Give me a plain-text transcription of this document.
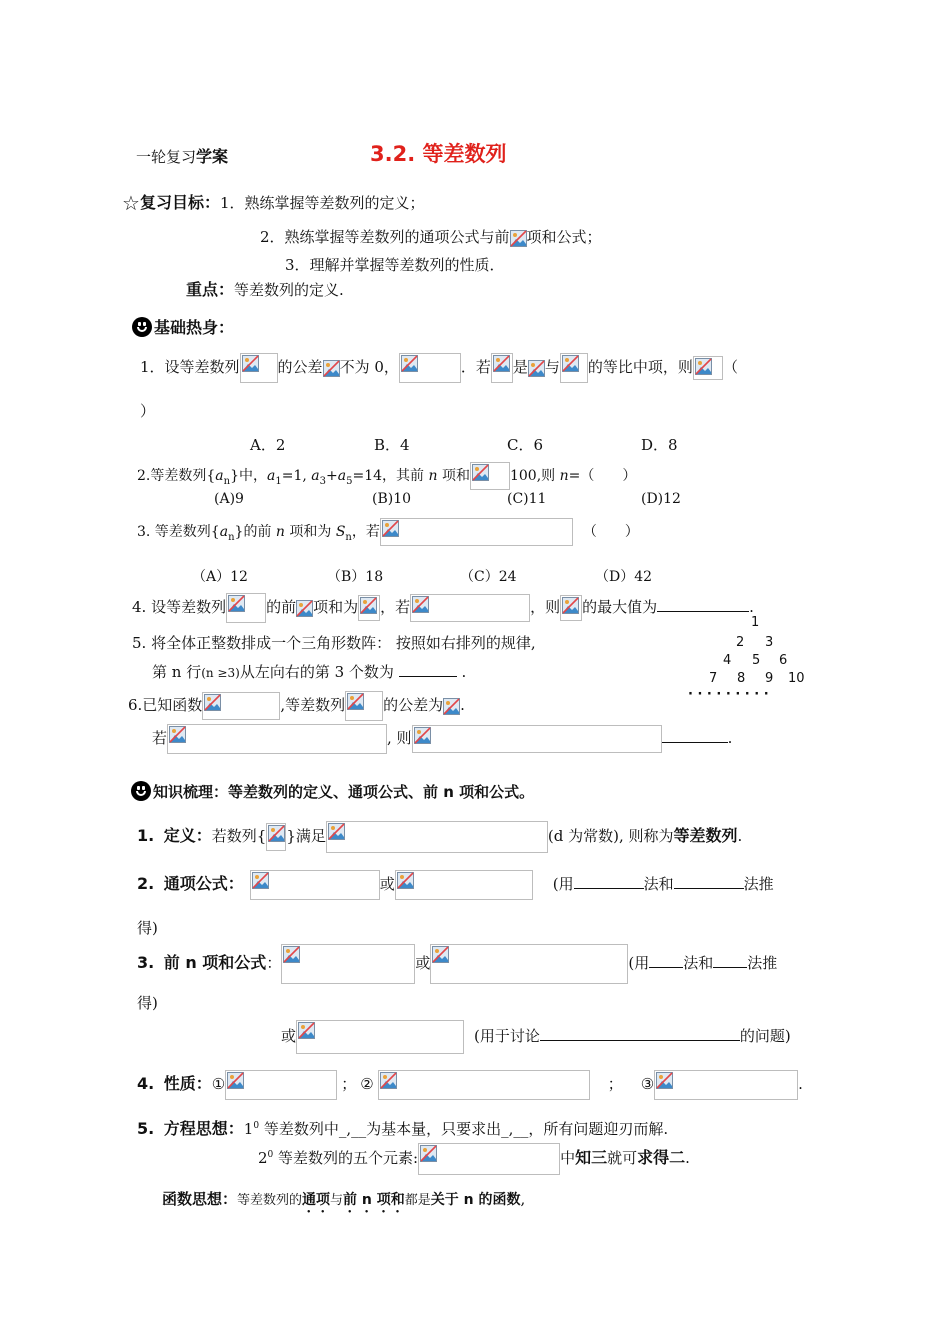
一轮复习学案	3.2. 等差数列
☆复习目标：1．熟练掌握等差数列的定义；
2．熟练掌握等差数列的通项公式与前 项和公式；
3．理解并掌握等差数列的性质．
重点：等差数列的定义.
基础热身：
1．设等差数列	的公差 不为 0，	．若 是 与 的等比中项，则 （
）
A．2	B．4	C．6	D．8
2.等差数列$\{a_n\}$中，$a_1=1$, $a_3+a_5=14$，其前 n 项和	100,则 n=（　　）
(A)9	(B)10	(C)11	(D)12
3. 等差数列$\{a_n\}$的前 n 项和为 $S_n$，若	（　　）
（A）12	（B）18	（C）24	（D）42
4. 设等差数列	的前 项和为 ，若	，则 的最大值为	.
5. 将全体正整数排成一个三角形数阵： 按照如右排列的规律,
第 n 行(n ≥3)从左向右的第 3 个数为	.
1
2 3
4 5 6
7 8 9 10
· · · · · · · · ·
6.已知函数	,等差数列	的公差为 .
若	, 则	.
知识梳理：等差数列的定义、通项公式、前 n 项和公式。
1. 定义：若数列{ }满足	(d 为常数), 则称为等差数列.
2. 通项公式：	或	(用	法和	法推
得)
3. 前 n 项和公式：	或	(用 法和 法推
得)
或	(用于讨论	的问题)
4. 性质：①	； ②	； ③	.
5. 方程思想：$1^0$ 等差数列中_,__为基本量，只要求出_,__，所有问题迎刃而解.
$2^0$ 等差数列的五个元素:	中知三就可求得二.
函数思想：等差数列的通项与前 n 项和都是关于 n 的函数,
